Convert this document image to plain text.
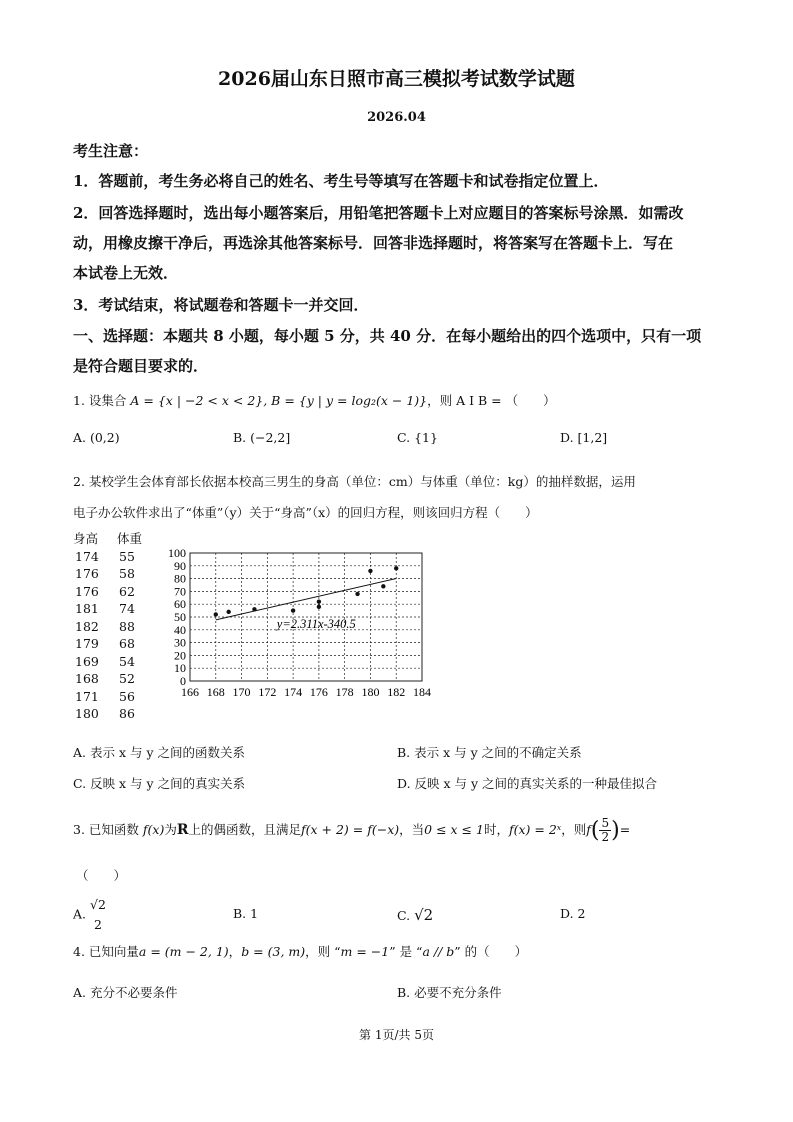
2026届山东日照市高三模拟考试数学试题
2026.04
考生注意：
1．答题前，考生务必将自己的姓名、考生号等填写在答题卡和试卷指定位置上．
2．回答选择题时，选出每小题答案后，用铅笔把答题卡上对应题目的答案标号涂黑．如需改
动，用橡皮擦干净后，再选涂其他答案标号．回答非选择题时，将答案写在答题卡上．写在
本试卷上无效．
3．考试结束，将试题卷和答题卡一并交回．
一、选择题：本题共 8 小题，每小题 5 分，共 40 分．在每小题给出的四个选项中，只有一项
是符合题目要求的．
1. 设集合 A = {x | −2 < x < 2}, B = {y | y = log₂(x − 1)}，则 A I B = （　　）
A. (0,2)	B. (−2,2]	C. {1}	D. [1,2]
2. 某校学生会体育部长依据本校高三男生的身高（单位：cm）与体重（单位：kg）的抽样数据，运用
电子办公软件求出了“体重”（y）关于“身高”（x）的回归方程，则该回归方程（　　）
身高 体重
174 55
176 58
176 62
181 74
182 88
179 68
169 54
168 52
171 56
180 86
0
10
20
30
40
50
60
70
80
90
100
166 168 170 172 174 176 178 180 182 184
y=2.311x-340.5
A. 表示 x 与 y 之间的函数关系	B. 表示 x 与 y 之间的不确定关系
C. 反映 x 与 y 之间的真实关系	D. 反映 x 与 y 之间的真实关系的一种最佳拟合
3. 已知函数 f(x)为R上的偶函数，且满足f(x + 2) = f(−x)，当0 ≤ x ≤ 1时，f(x) = 2ˣ，则$f( \frac{5}{2}$ )=
（　　）
A.
√2
2
B. 1	C. √2	D. 2
4. 已知向量a = (m − 2, 1)，b = (3, m)，则 “m = −1” 是 “a // b” 的（　　）
A. 充分不必要条件	B. 必要不充分条件
第 1页/共 5页
